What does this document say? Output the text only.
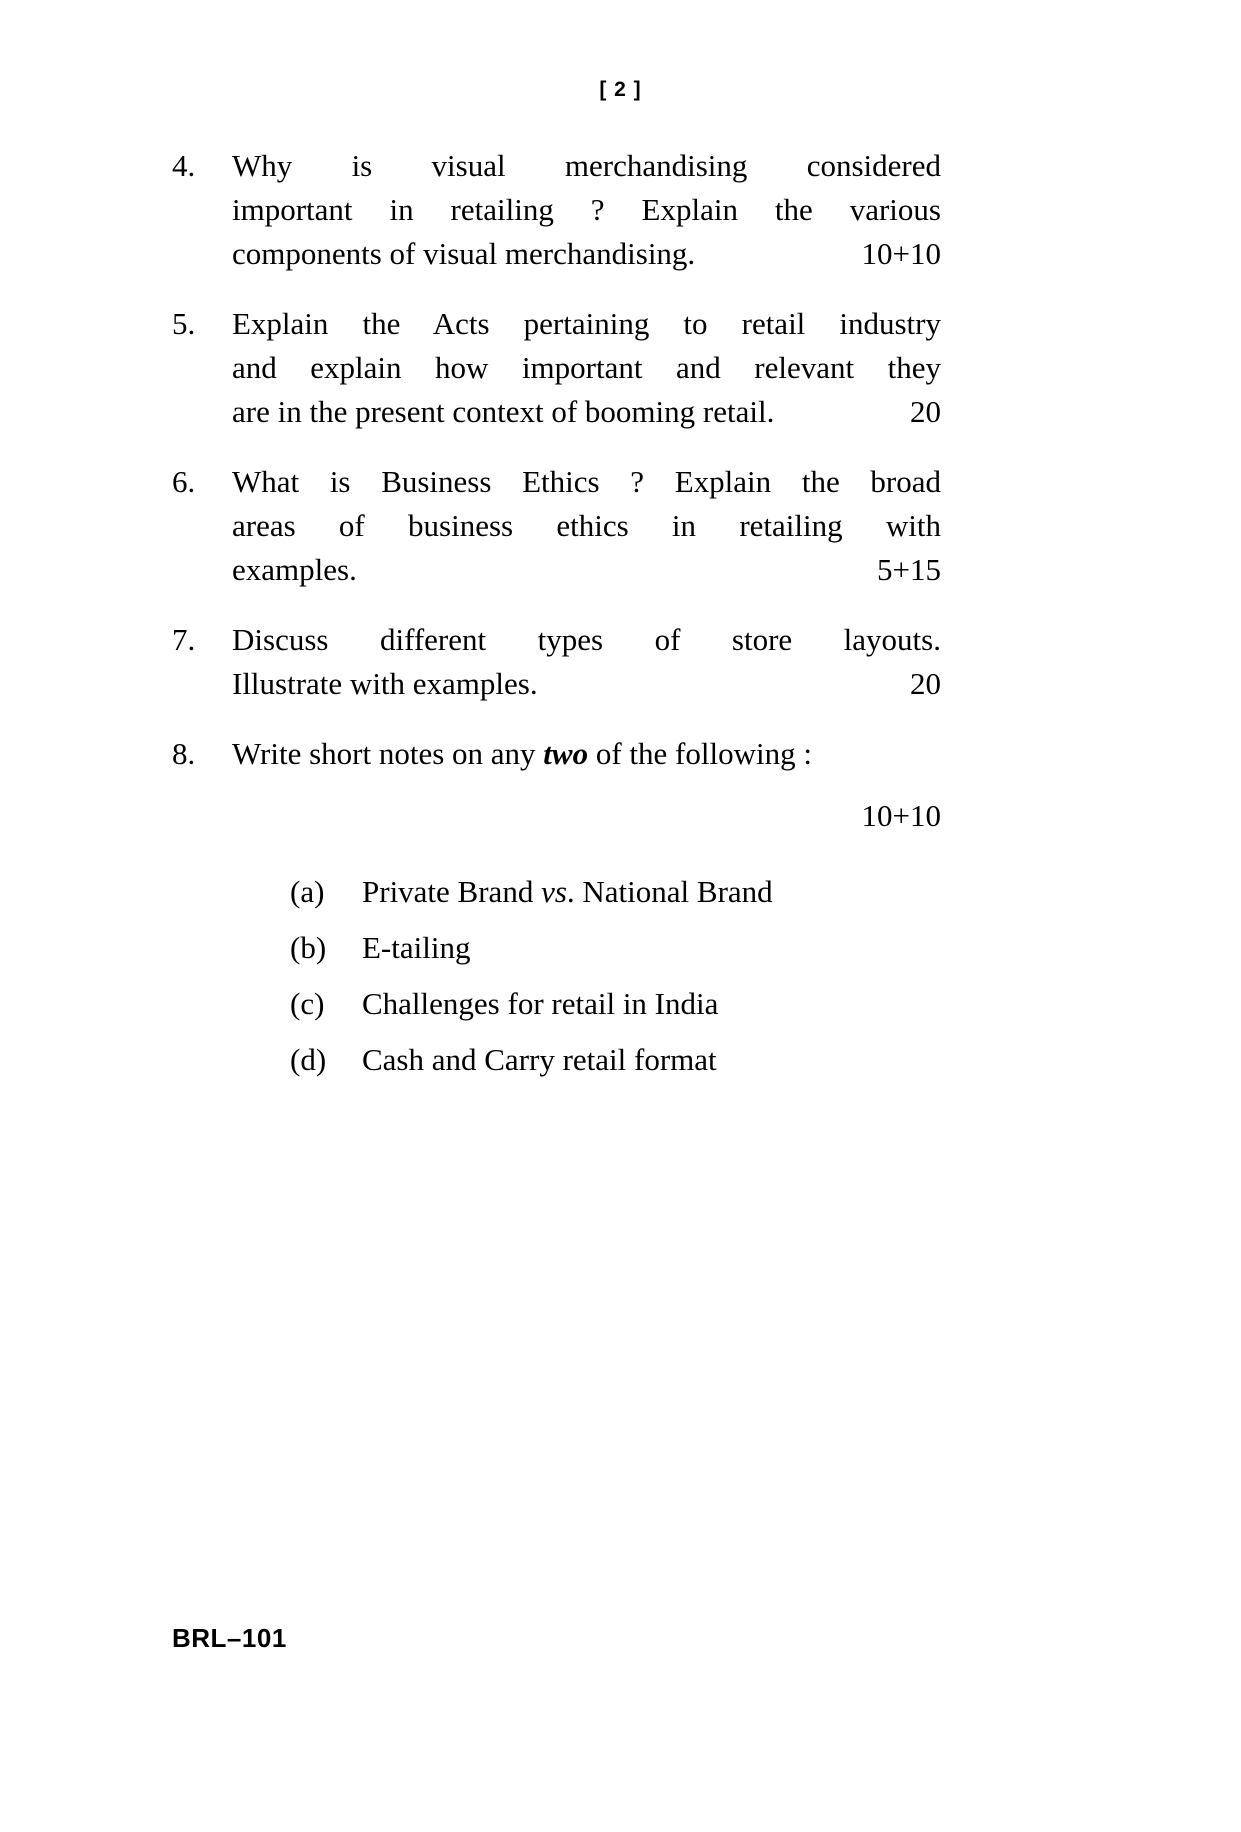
[ 2 ]
4.	Why is visual merchandising considered
important in retailing ? Explain the various
components of visual merchandising.	10+10
5.	Explain the Acts pertaining to retail industry
and explain how important and relevant they
are in the present context of booming retail.	20
6.	What is Business Ethics ? Explain the broad
areas of business ethics in retailing with
examples.	5+15
7.	Discuss different types of store layouts.
Illustrate with examples.	20
8.	Write short notes on any two of the following :
10+10
(a)	Private Brand vs. National Brand
(b)	E-tailing
(c)	Challenges for retail in India
(d)	Cash and Carry retail format
BRL–101
